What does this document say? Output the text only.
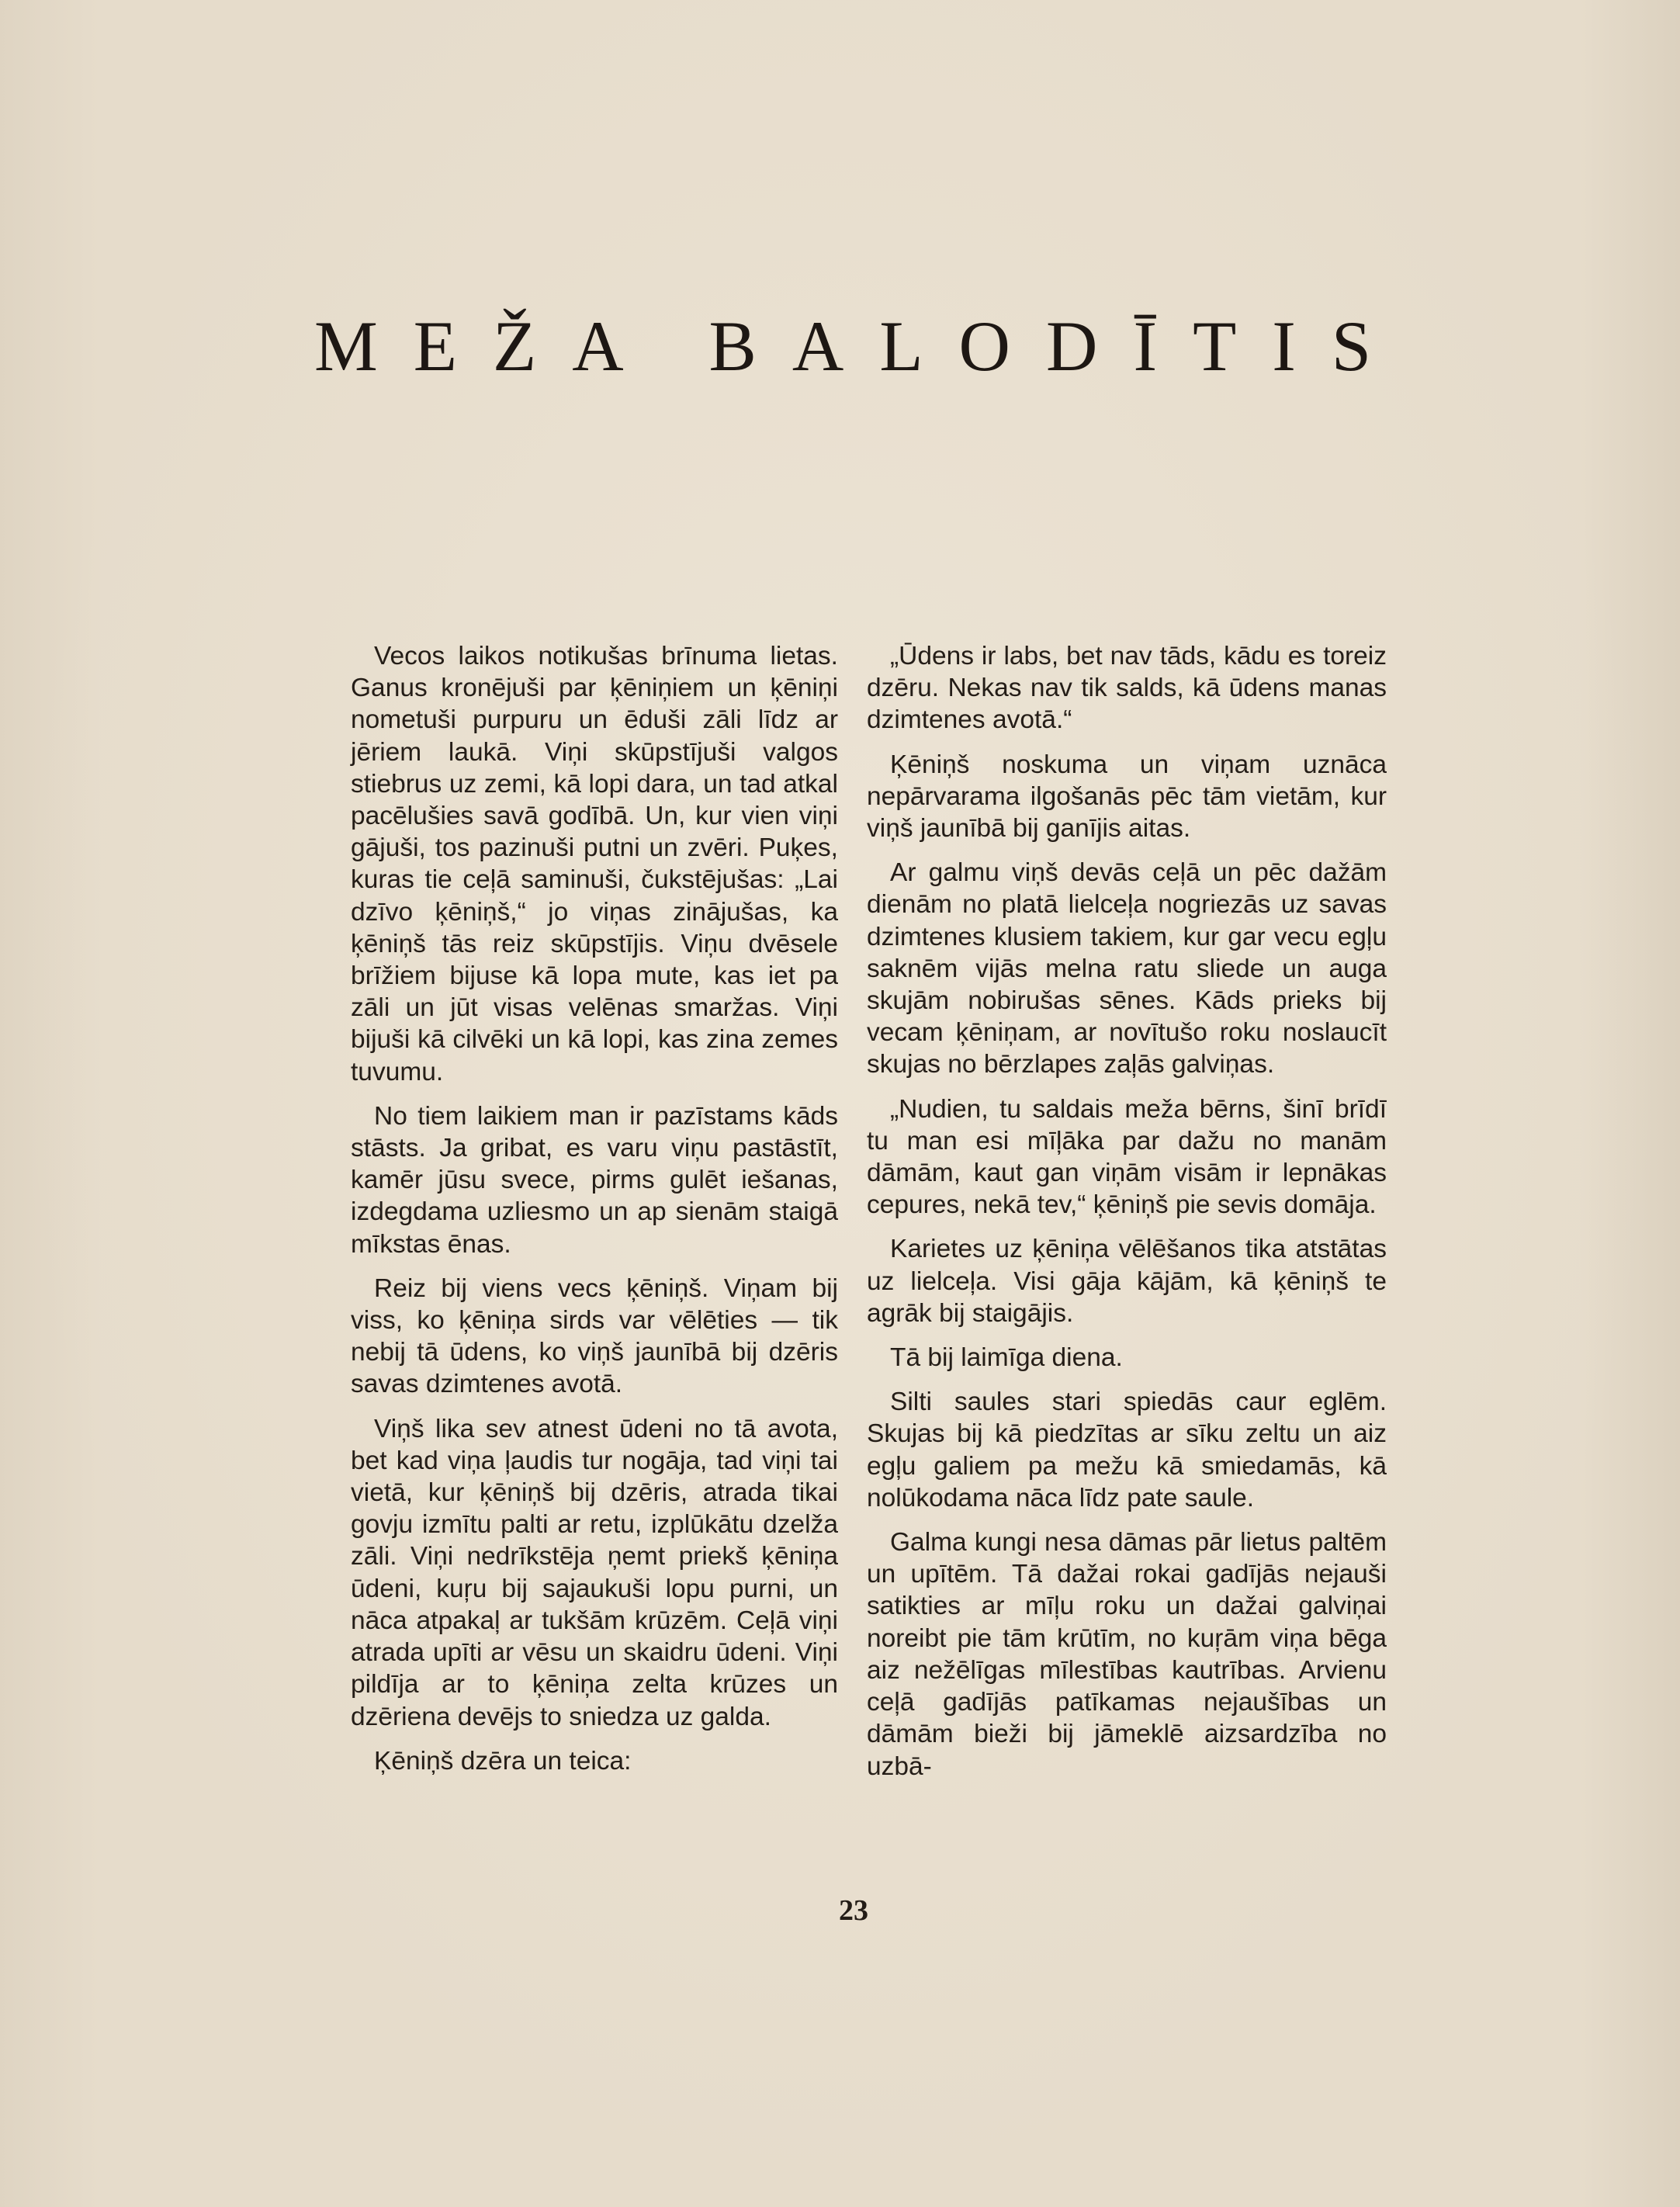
MEŽA BALODĪTIS

Vecos laikos notikušas brīnuma lietas. Ganus kronējuši par ķēniņiem un ķēniņi nometuši purpuru un ēduši zāli līdz ar jēriem laukā. Viņi skūpstījuši valgos stiebrus uz zemi, kā lopi dara, un tad atkal pacēlušies savā godībā. Un, kur vien viņi gājuši, tos pazinuši putni un zvēri. Puķes, kuras tie ceļā saminuši, čukstējušas: „Lai dzīvo ķēniņš,“ jo viņas zinājušas, ka ķēniņš tās reiz skūpstījis. Viņu dvēsele brīžiem bijuse kā lopa mute, kas iet pa zāli un jūt visas velēnas smaržas. Viņi bijuši kā cilvēki un kā lopi, kas zina zemes tuvumu.

No tiem laikiem man ir pazīstams kāds stāsts. Ja gribat, es varu viņu pastāstīt, kamēr jūsu svece, pirms gulēt iešanas, izdegdama uzliesmo un ap sienām staigā mīkstas ēnas.

Reiz bij viens vecs ķēniņš. Viņam bij viss, ko ķēniņa sirds var vēlēties — tik nebij tā ūdens, ko viņš jaunībā bij dzēris savas dzimtenes avotā.

Viņš lika sev atnest ūdeni no tā avota, bet kad viņa ļaudis tur nogāja, tad viņi tai vietā, kur ķēniņš bij dzēris, atrada tikai govju izmītu palti ar retu, izplūkātu dzelža zāli. Viņi nedrīkstēja ņemt priekš ķēniņa ūdeni, kuŗu bij sajaukuši lopu purni, un nāca atpakaļ ar tukšām krūzēm. Ceļā viņi atrada upīti ar vēsu un skaidru ūdeni. Viņi pildīja ar to ķēniņa zelta krūzes un dzēriena devējs to sniedza uz galda.

Ķēniņš dzēra un teica:

„Ūdens ir labs, bet nav tāds, kādu es toreiz dzēru. Nekas nav tik salds, kā ūdens manas dzimtenes avotā.“

Ķēniņš noskuma un viņam uznāca nepārvarama ilgošanās pēc tām vietām, kur viņš jaunībā bij ganījis aitas.

Ar galmu viņš devās ceļā un pēc dažām dienām no platā lielceļa nogriezās uz savas dzimtenes klusiem takiem, kur gar vecu egļu saknēm vijās melna ratu sliede un auga skujām nobirušas sēnes. Kāds prieks bij vecam ķēniņam, ar novītušo roku noslaucīt skujas no bērzlapes zaļās galviņas.

„Nudien, tu saldais meža bērns, šinī brīdī tu man esi mīļāka par dažu no manām dāmām, kaut gan viņām visām ir lepnākas cepures, nekā tev,“ ķēniņš pie sevis domāja.

Karietes uz ķēniņa vēlēšanos tika atstātas uz lielceļa. Visi gāja kājām, kā ķēniņš te agrāk bij staigājis.

Tā bij laimīga diena.

Silti saules stari spiedās caur eglēm. Skujas bij kā piedzītas ar sīku zeltu un aiz egļu galiem pa mežu kā smiedamās, kā nolūkodama nāca līdz pate saule.

Galma kungi nesa dāmas pār lietus paltēm un upītēm. Tā dažai rokai gadījās nejauši satikties ar mīļu roku un dažai galviņai noreibt pie tām krūtīm, no kuŗām viņa bēga aiz nežēlīgas mīlestības kautrības. Arvienu ceļā gadījās patīkamas nejaušības un dāmām bieži bij jāmeklē aizsardzība no uzbā-

23
